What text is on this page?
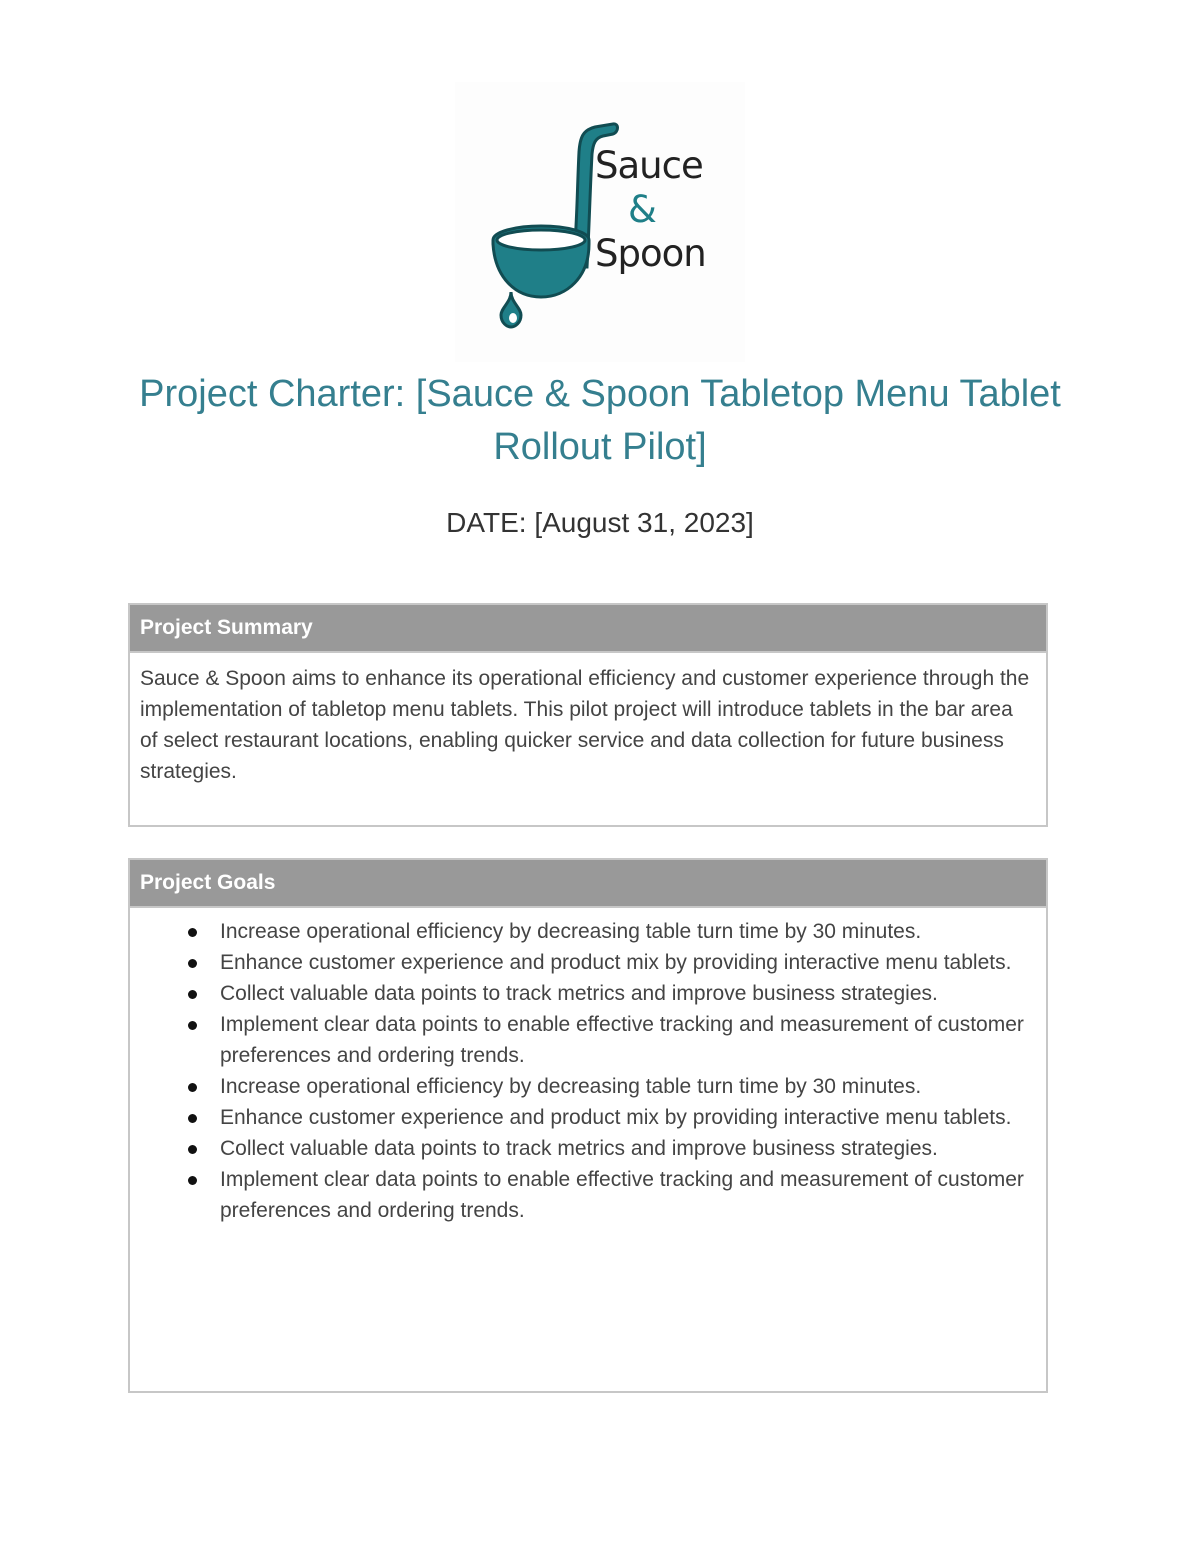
Sauce
&
Spoon
Project Charter: [Sauce & Spoon Tabletop Menu Tablet Rollout Pilot]
DATE: [August 31, 2023]
Project Summary
Sauce & Spoon aims to enhance its operational efficiency and customer experience through the implementation of tabletop menu tablets. This pilot project will introduce tablets in the bar area of select restaurant locations, enabling quicker service and data collection for future business strategies.
Project Goals
Increase operational efficiency by decreasing table turn time by 30 minutes.
Enhance customer experience and product mix by providing interactive menu tablets.
Collect valuable data points to track metrics and improve business strategies.
Implement clear data points to enable effective tracking and measurement of customer preferences and ordering trends.
Increase operational efficiency by decreasing table turn time by 30 minutes.
Enhance customer experience and product mix by providing interactive menu tablets.
Collect valuable data points to track metrics and improve business strategies.
Implement clear data points to enable effective tracking and measurement of customer preferences and ordering trends.
